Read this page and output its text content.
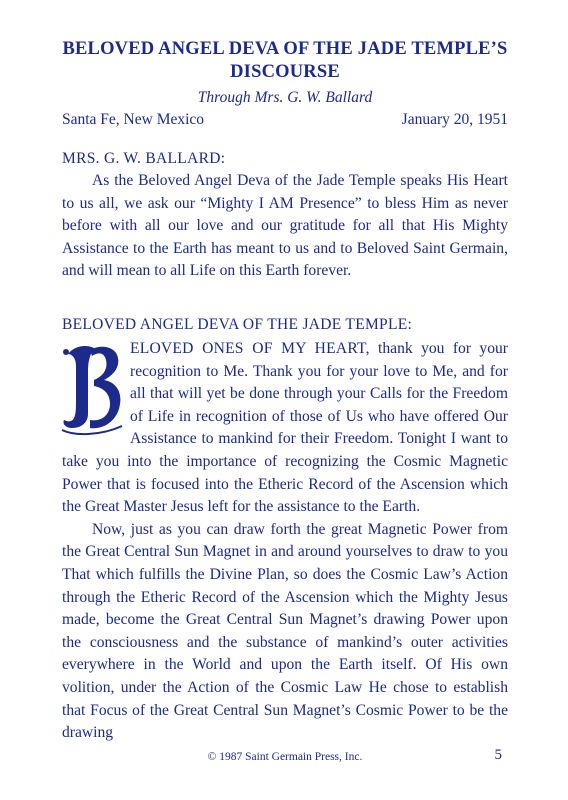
BELOVED ANGEL DEVA OF THE JADE TEMPLE’S
DISCOURSE
Through Mrs. G. W. Ballard
Santa Fe, New Mexico	January 20, 1951
MRS. G. W. BALLARD:

As the Beloved Angel Deva of the Jade Temple speaks His Heart to us all, we ask our “Mighty I AM Presence” to bless Him as never before with all our love and our gratitude for all that His Mighty Assistance to the Earth has meant to us and to Beloved Saint Germain, and will mean to all Life on this Earth forever.

BELOVED ANGEL DEVA OF THE JADE TEMPLE:

ELOVED ONES OF MY HEART, thank you for your recognition to Me. Thank you for your love to Me, and for all that will yet be done through your Calls for the Freedom of Life in recognition of those of Us who have offered Our Assistance to mankind for their Freedom. Tonight I want to take you into the importance of recognizing the Cosmic Magnetic Power that is focused into the Etheric Record of the Ascension which the Great Master Jesus left for the assistance to the Earth.

Now, just as you can draw forth the great Magnetic Power from the Great Central Sun Magnet in and around yourselves to draw to you That which fulfills the Divine Plan, so does the Cosmic Law’s Action through the Etheric Record of the Ascension which the Mighty Jesus made, become the Great Central Sun Magnet’s drawing Power upon the consciousness and the substance of mankind’s outer activities everywhere in the World and upon the Earth itself. Of His own volition, under the Action of the Cosmic Law He chose to establish that Focus of the Great Central Sun Magnet’s Cosmic Power to be the drawing

© 1987 Saint Germain Press, Inc.	5
